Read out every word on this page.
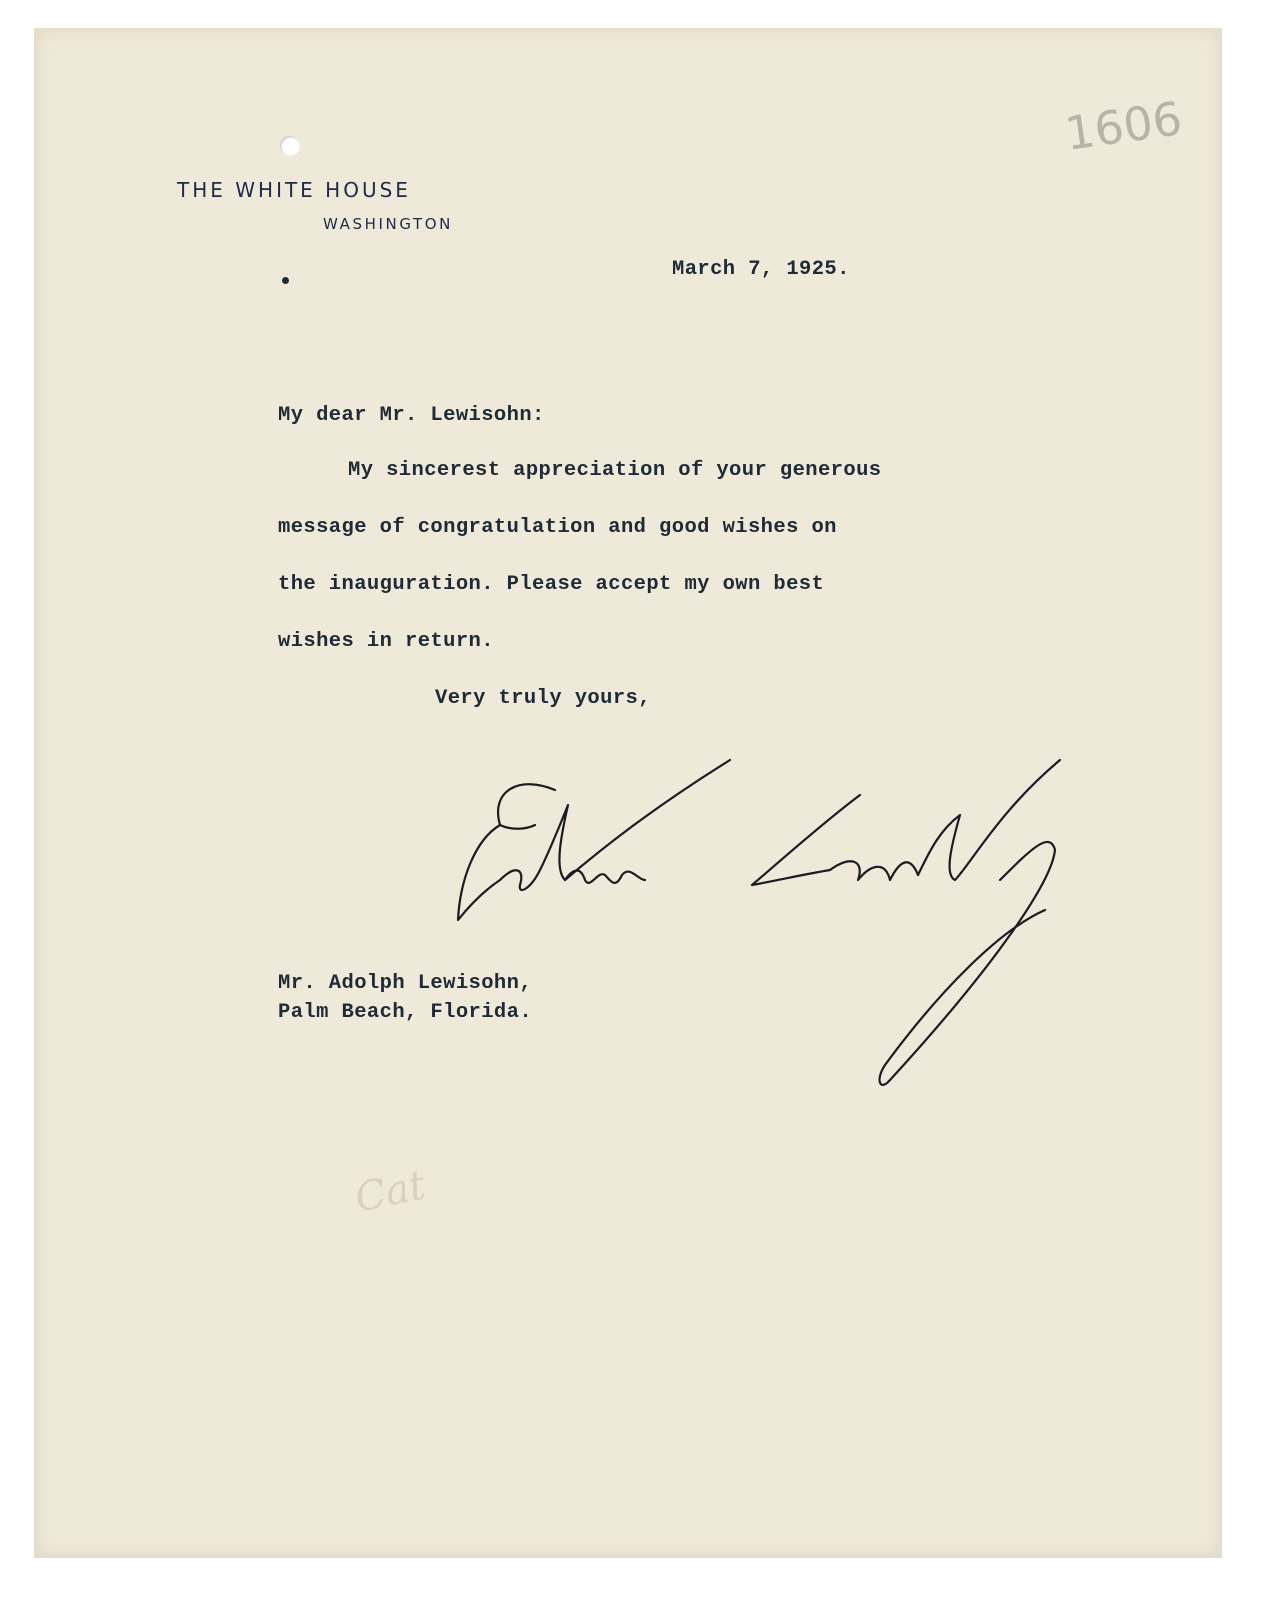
THE WHITE HOUSE
WASHINGTON
1606
March 7, 1925.
My dear Mr. Lewisohn:
My sincerest appreciation of your generous
message of congratulation and good wishes on
the inauguration. Please accept my own best
wishes in return.
Very truly yours,
Mr. Adolph Lewisohn,
Palm Beach, Florida.
Cat
